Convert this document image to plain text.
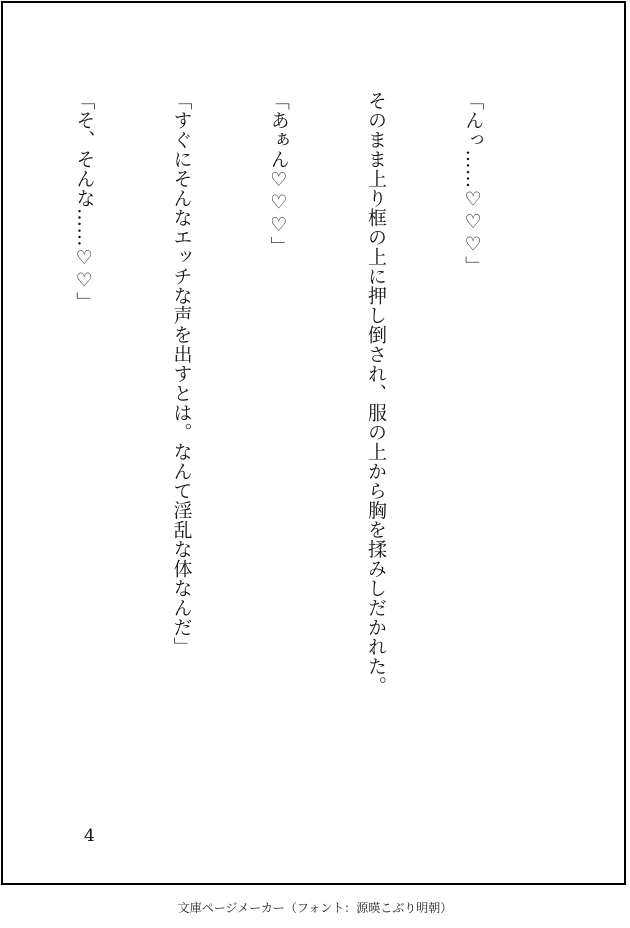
「んっ……♡♡♡」

そのまま上り框の上に押し倒され、服の上から胸を揉みしだかれた。

「あぁん♡♡♡」

「すぐにそんなエッチな声を出すとは。なんて淫乱な体なんだ」

「そ、そんな……♡♡」

4
文庫ページメーカー（フォント：源暎こぶり明朝）
